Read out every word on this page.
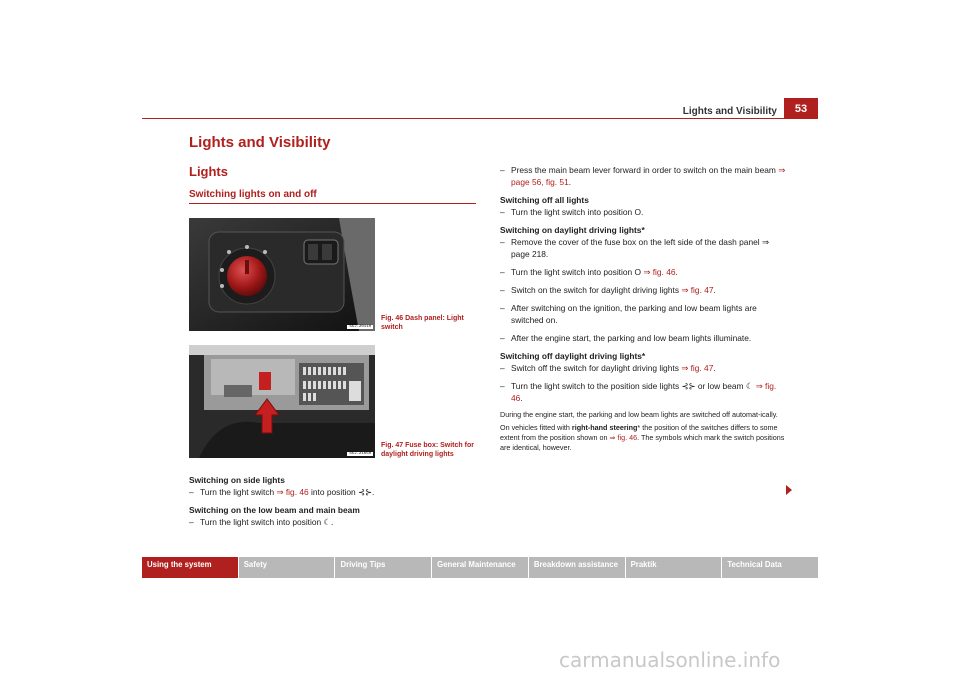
Lights and Visibility	53
Lights and Visibility
Lights
Switching lights on and off
S5J-2011H
Fig. 46 Dash panel: Light switch
S5J-2165H
Fig. 47 Fuse box: Switch for daylight driving lights
Switching on side lights
– Turn the light switch ⇒ fig. 46 into position ⊰⊱.
Switching on the low beam and main beam
– Turn the light switch into position ☾.
– Press the main beam lever forward in order to switch on the main beam ⇒ page 56, fig. 51.
Switching off all lights
– Turn the light switch into position O.
Switching on daylight driving lights*
– Remove the cover of the fuse box on the left side of the dash panel ⇒ page 218.
– Turn the light switch into position O ⇒ fig. 46.
– Switch on the switch for daylight driving lights ⇒ fig. 47.
– After switching on the ignition, the parking and low beam lights are switched on.
– After the engine start, the parking and low beam lights illuminate.
Switching off daylight driving lights*
– Switch off the switch for daylight driving lights ⇒ fig. 47.
– Turn the light switch to the position side lights ⊰⊱ or low beam ☾ ⇒ fig. 46.
During the engine start, the parking and low beam lights are switched off automat-ically.
On vehicles fitted with right-hand steering* the position of the switches differs to some extent from the position shown on ⇒ fig. 46. The symbols which mark the switch positions are identical, however.
Using the system	Safety	Driving Tips	General Maintenance	Breakdown assistance	Praktik	Technical Data
carmanualsonline.info
